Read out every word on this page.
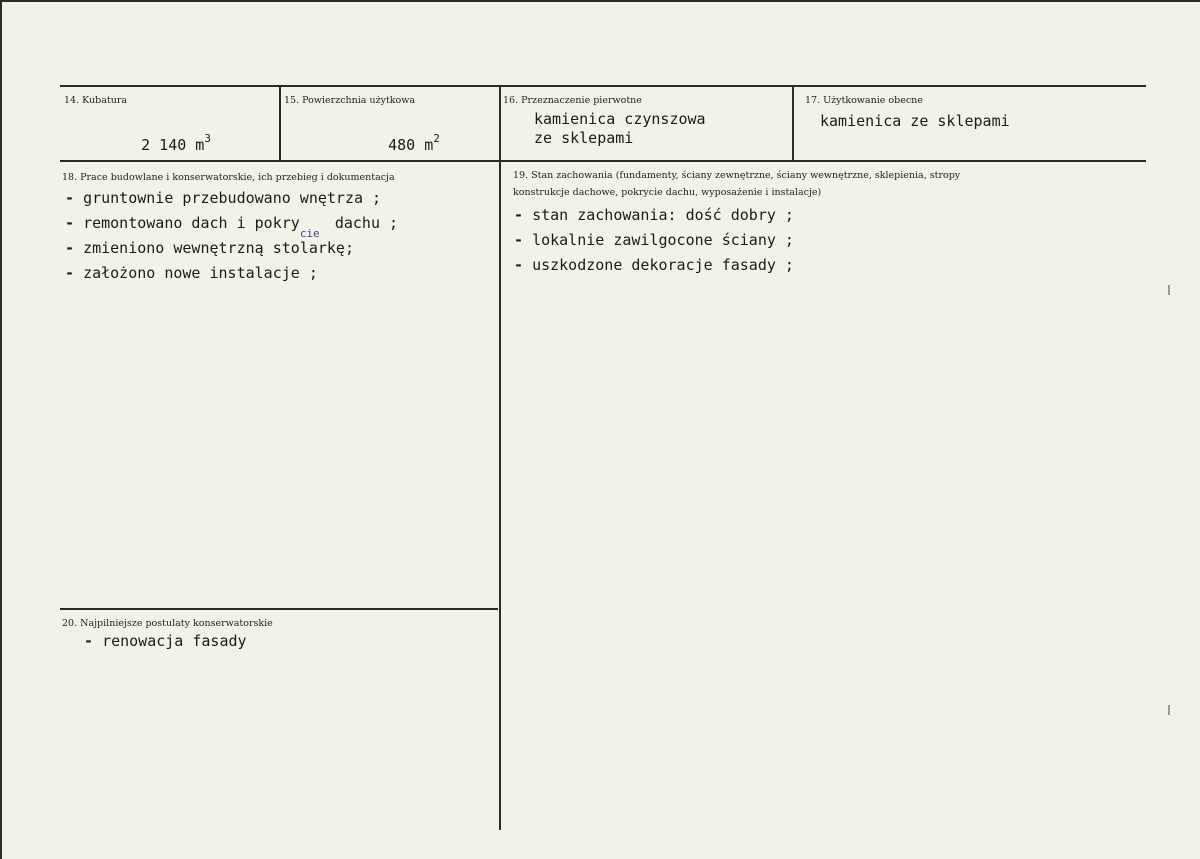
14. Kubatura

2 140 $m^3$

15. Powierzchnia użytkowa

480 $m^2$

16. Przeznaczenie pierwotne
kamienica czynszowa
ze sklepami
17. Użytkowanie obecne
kamienica ze sklepami
18. Prace budowlane i konserwatorskie, ich przebieg i dokumentacja
- gruntownie przebudowano wnętrza ;
- remontowano dach i pokry
cie
dachu ;
- zmieniono wewnętrzną stolarkę;
- założono nowe instalacje ;
19. Stan zachowania (fundamenty, ściany zewnętrzne, ściany wewnętrzne, sklepienia, stropy
konstrukcje dachowe, pokrycie dachu, wyposażenie i instalacje)
- stan zachowania: dość dobry ;
- lokalnie zawilgocone ściany ;
- uszkodzone dekoracje fasady ;
20. Najpilniejsze postulaty konserwatorskie
- renowacja fasady
